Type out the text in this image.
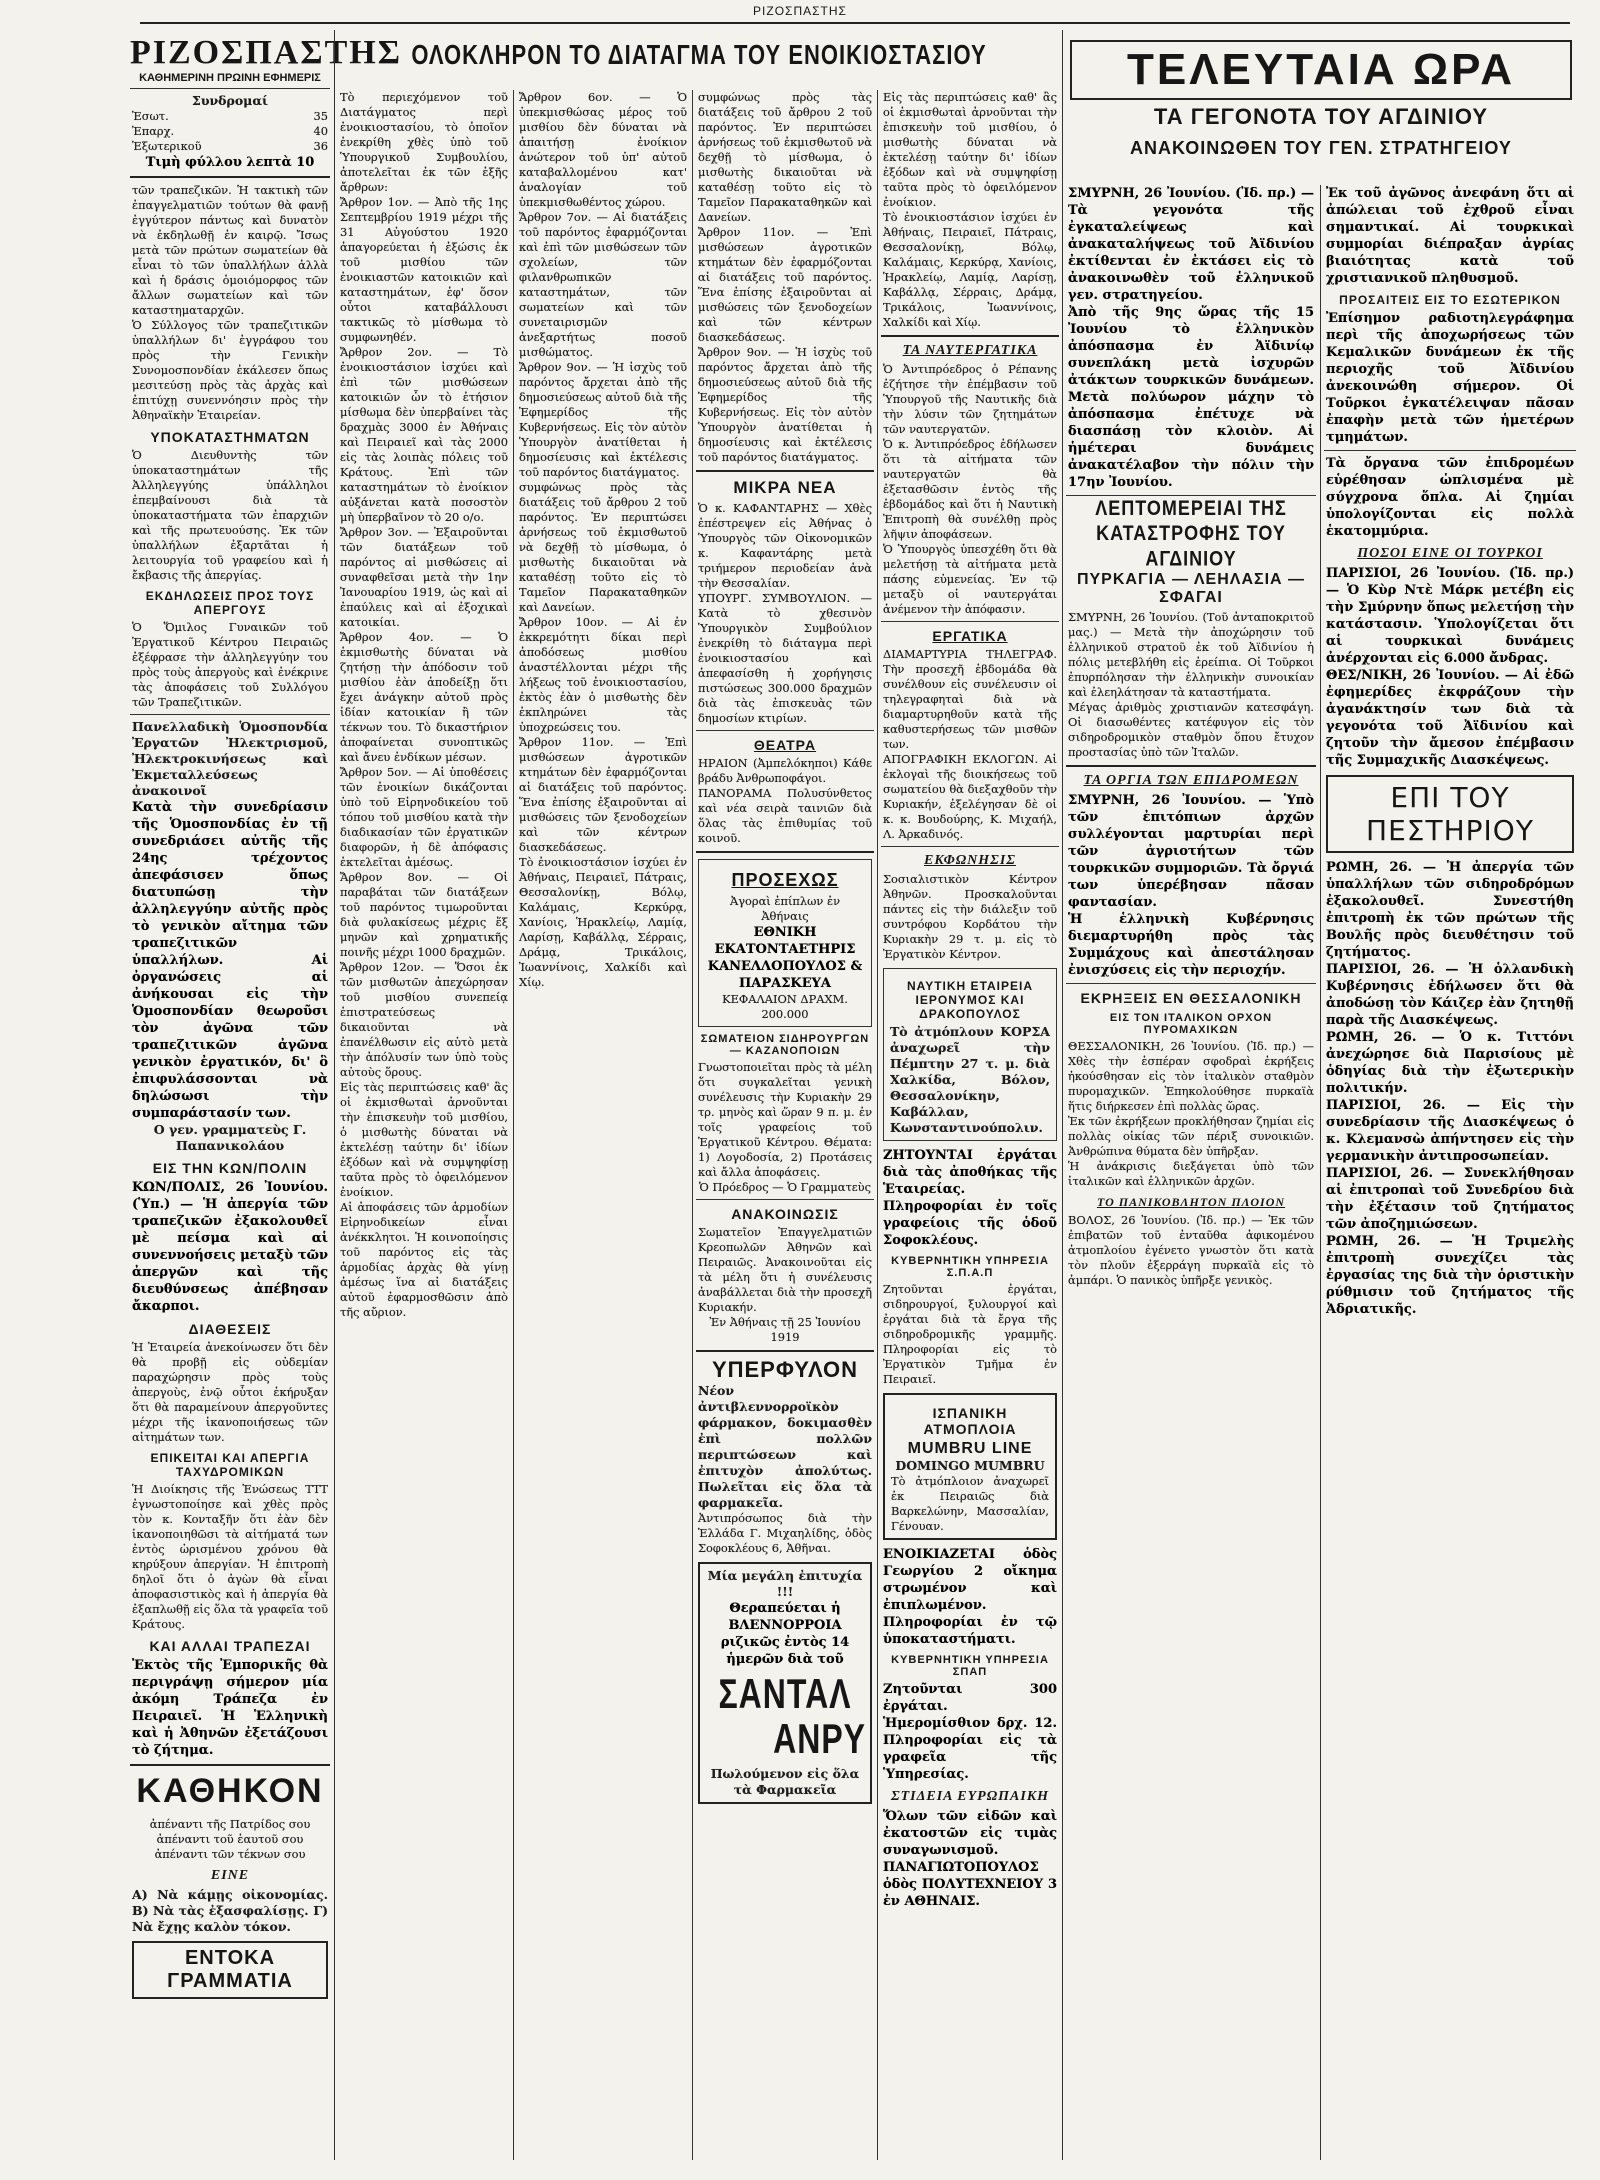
ΡΙΖΟΣΠΑΣΤΗΣ
ΡΙΖΟΣΠΑΣΤΗΣ
ΚΑΘΗΜΕΡΙΝΗ ΠΡΩΙΝΗ ΕΦΗΜΕΡΙΣ
Συνδρομαί
Ἐσωτ.	35
Ἐπαρχ.	40
Ἐξωτερικοῦ	36
Τιμὴ φύλλου λεπτὰ 10

τῶν τραπεζικῶν. Ἡ τακτικὴ τῶν ἐπαγγελματιῶν τούτων θὰ φανῇ ἐγγύτερον πάντως καὶ δυνατὸν νὰ ἐκδηλωθῇ ἐν καιρῷ. Ἴσως μετὰ τῶν πρώτων σωματείων θὰ εἶναι τὸ τῶν ὑπαλλήλων ἀλλὰ καὶ ἡ δράσις ὁμοιόμορφος τῶν ἄλλων σωματείων καὶ τῶν καταστηματαρχῶν.

Ὁ Σύλλογος τῶν τραπεζιτικῶν ὑπαλλήλων δι' ἐγγράφου του πρὸς τὴν Γενικὴν Συνομοσπονδίαν ἐκάλεσεν ὅπως μεσιτεύσῃ πρὸς τὰς ἀρχὰς καὶ ἐπιτύχῃ συνεννόησιν πρὸς τὴν Ἀθηναϊκὴν Ἑταιρείαν.

ΥΠΟΚΑΤΑΣΤΗΜΑΤΩΝ

Ὁ Διευθυντὴς τῶν ὑποκαταστημάτων τῆς Ἀλληλεγγύης ὑπάλληλοι ἐπεμβαίνουσι διὰ τὰ ὑποκαταστήματα τῶν ἐπαρχιῶν καὶ τῆς πρωτευούσης. Ἐκ τῶν ὑπαλλήλων ἐξαρτᾶται ἡ λειτουργία τοῦ γραφείου καὶ ἡ ἔκβασις τῆς ἀπεργίας.

ΕΚΔΗΛΩΣΕΙΣ ΠΡΟΣ ΤΟΥΣ ΑΠΕΡΓΟΥΣ

Ὁ Ὅμιλος Γυναικῶν τοῦ Ἐργατικοῦ Κέντρου Πειραιῶς ἐξέφρασε τὴν ἀλληλεγγύην του πρὸς τοὺς ἀπεργοὺς καὶ ἐνέκρινε τὰς ἀποφάσεις τοῦ Συλλόγου τῶν Τραπεζιτικῶν.

Πανελλαδικὴ Ὁμοσπονδία Ἐργατῶν Ἠλεκτρισμοῦ, Ἠλεκτροκινήσεως καὶ Ἐκμεταλλεύσεως ἀνακοινοῖ

Κατὰ τὴν συνεδρίασιν τῆς Ὁμοσπονδίας ἐν τῇ συνεδριάσει αὐτῆς τῆς 24ης τρέχοντος ἀπεφάσισεν ὅπως διατυπώσῃ τὴν ἀλληλεγγύην αὐτῆς πρὸς τὸ γενικὸν αἴτημα τῶν τραπεζιτικῶν ὑπαλλήλων. Αἱ ὀργανώσεις αἱ ἀνήκουσαι εἰς τὴν Ὁμοσπονδίαν θεωροῦσι τὸν ἀγῶνα τῶν τραπεζιτικῶν ἀγῶνα γενικὸν ἐργατικόν, δι' ὃ ἐπιφυλάσσονται νὰ δηλώσωσι τὴν συμπαράστασίν των.

Ο γεν. γραμματεὺς Γ. Παπανικολάου

ΕΙΣ ΤΗΝ ΚΩΝ/ΠΟΛΙΝ

ΚΩΝ/ΠΟΛΙΣ, 26 Ἰουνίου. (Ὑπ.) — Ἡ ἀπεργία τῶν τραπεζικῶν ἐξακολουθεῖ μὲ πείσμα καὶ αἱ συνεννοήσεις μεταξὺ τῶν ἀπεργῶν καὶ τῆς διευθύνσεως ἀπέβησαν ἄκαρποι.

ΔΙΑΘΕΣΕΙΣ

Ἡ Ἑταιρεία ἀνεκοίνωσεν ὅτι δὲν θὰ προβῇ εἰς οὐδεμίαν παραχώρησιν πρὸς τοὺς ἀπεργοὺς, ἐνῷ οὗτοι ἐκήρυξαν ὅτι θὰ παραμείνουν ἀπεργοῦντες μέχρι τῆς ἱκανοποιήσεως τῶν αἰτημάτων των.

ΕΠΙΚΕΙΤΑΙ ΚΑΙ ΑΠΕΡΓΙΑ ΤΑΧΥΔΡΟΜΙΚΩΝ

Ἡ Διοίκησις τῆς Ἑνώσεως ΤΤΤ ἐγνωστοποίησε καὶ χθὲς πρὸς τὸν κ. Κονταξῆν ὅτι ἐὰν δὲν ἱκανοποιηθῶσι τὰ αἰτήματά των ἐντὸς ὡρισμένου χρόνου θὰ κηρύξουν ἀπεργίαν. Ἡ ἐπιτροπὴ δηλοῖ ὅτι ὁ ἀγὼν θὰ εἶναι ἀποφασιστικὸς καὶ ἡ ἀπεργία θὰ ἐξαπλωθῇ εἰς ὅλα τὰ γραφεῖα τοῦ Κράτους.

ΚΑΙ ΑΛΛΑΙ ΤΡΑΠΕΖΑΙ

Ἐκτὸς τῆς Ἐμπορικῆς θὰ περιγράψῃ σήμερον μία ἀκόμη Τράπεζα ἐν Πειραιεῖ. Ἡ Ἑλληνικὴ καὶ ἡ Ἀθηνῶν ἐξετάζουσι τὸ ζήτημα.

ΚΑΘΗΚΟΝ

ἀπέναντι τῆς Πατρίδος σου ἀπέναντι τοῦ ἑαυτοῦ σου ἀπέναντι τῶν τέκνων σου

ΕΙΝΕ

Α) Νὰ κάμῃς οἰκονομίας. Β) Νὰ τὰς ἐξασφαλίσῃς. Γ) Νὰ ἔχῃς καλὸν τόκον.

ΕΝΤΟΚΑ ΓΡΑΜΜΑΤΙΑ
ΟΛΟΚΛΗΡΟΝ ΤΟ ΔΙΑΤΑΓΜΑ ΤΟΥ ΕΝΟΙΚΙΟΣΤΑΣΙΟΥ

Τὸ περιεχόμενον τοῦ Διατάγματος περὶ ἐνοικιοστασίου, τὸ ὁποῖον ἐνεκρίθη χθὲς ὑπὸ τοῦ Ὑπουργικοῦ Συμβουλίου, ἀποτελεῖται ἐκ τῶν ἑξῆς ἄρθρων:

Ἄρθρον 1ον. — Ἀπὸ τῆς 1ης Σεπτεμβρίου 1919 μέχρι τῆς 31 Αὐγούστου 1920 ἀπαγορεύεται ἡ ἐξώσις ἐκ τοῦ μισθίου τῶν ἐνοικιαστῶν κατοικιῶν καὶ καταστημάτων, ἐφ' ὅσον οὗτοι καταβάλλουσι τακτικῶς τὸ μίσθωμα τὸ συμφωνηθέν.

Ἄρθρον 2ον. — Τὸ ἐνοικιοστάσιον ἰσχύει καὶ ἐπὶ τῶν μισθώσεων κατοικιῶν ὧν τὸ ἐτήσιον μίσθωμα δὲν ὑπερβαίνει τὰς δραχμὰς 3000 ἐν Ἀθήναις καὶ Πειραιεῖ καὶ τὰς 2000 εἰς τὰς λοιπὰς πόλεις τοῦ Κράτους. Ἐπὶ τῶν καταστημάτων τὸ ἐνοίκιον αὐξάνεται κατὰ ποσοστὸν μὴ ὑπερβαῖνον τὸ 20 ο/ο.

Ἄρθρον 3ον. — Ἐξαιροῦνται τῶν διατάξεων τοῦ παρόντος αἱ μισθώσεις αἱ συναφθεῖσαι μετὰ τὴν 1ην Ἰανουαρίου 1919, ὡς καὶ αἱ ἐπαύλεις καὶ αἱ ἐξοχικαὶ κατοικίαι.

Ἄρθρον 4ον. — Ὁ ἐκμισθωτὴς δύναται νὰ ζητήσῃ τὴν ἀπόδοσιν τοῦ μισθίου ἐὰν ἀποδείξῃ ὅτι ἔχει ἀνάγκην αὐτοῦ πρὸς ἰδίαν κατοικίαν ἢ τῶν τέκνων του. Τὸ δικαστήριον ἀποφαίνεται συνοπτικῶς καὶ ἄνευ ἐνδίκων μέσων.

Ἄρθρον 5ον. — Αἱ ὑποθέσεις τῶν ἐνοικίων δικάζονται ὑπὸ τοῦ Εἰρηνοδικείου τοῦ τόπου τοῦ μισθίου κατὰ τὴν διαδικασίαν τῶν ἐργατικῶν διαφορῶν, ἡ δὲ ἀπόφασις ἐκτελεῖται ἀμέσως.

Ἄρθρον 8ον. — Οἱ παραβάται τῶν διατάξεων τοῦ παρόντος τιμωροῦνται διὰ φυλακίσεως μέχρις ἕξ μηνῶν καὶ χρηματικῆς ποινῆς μέχρι 1000 δραχμῶν.

Ἄρθρον 12ον. — Ὅσοι ἐκ τῶν μισθωτῶν ἀπεχώρησαν τοῦ μισθίου συνεπείᾳ ἐπιστρατεύσεως δικαιοῦνται νὰ ἐπανέλθωσιν εἰς αὐτὸ μετὰ τὴν ἀπόλυσίν των ὑπὸ τοὺς αὐτοὺς ὅρους.

Εἰς τὰς περιπτώσεις καθ' ἃς οἱ ἐκμισθωταὶ ἀρνοῦνται τὴν ἐπισκευὴν τοῦ μισθίου, ὁ μισθωτὴς δύναται νὰ ἐκτελέσῃ ταύτην δι' ἰδίων ἐξόδων καὶ νὰ συμψηφίσῃ ταῦτα πρὸς τὸ ὀφειλόμενον ἐνοίκιον.

Αἱ ἀποφάσεις τῶν ἁρμοδίων Εἰρηνοδικείων εἶναι ἀνέκκλητοι. Ἡ κοινοποίησις τοῦ παρόντος εἰς τὰς ἁρμοδίας ἀρχὰς θὰ γίνῃ ἀμέσως ἵνα αἱ διατάξεις αὐτοῦ ἐφαρμοσθῶσιν ἀπὸ τῆς αὔριον.

Ἄρθρον 6ον. — Ὁ ὑπεκμισθώσας μέρος τοῦ μισθίου δὲν δύναται νὰ ἀπαιτήσῃ ἐνοίκιον ἀνώτερον τοῦ ὑπ' αὐτοῦ καταβαλλομένου κατ' ἀναλογίαν τοῦ ὑπεκμισθωθέντος χώρου.

Ἄρθρον 7ον. — Αἱ διατάξεις τοῦ παρόντος ἐφαρμόζονται καὶ ἐπὶ τῶν μισθώσεων τῶν σχολείων, τῶν φιλανθρωπικῶν καταστημάτων, τῶν σωματείων καὶ τῶν συνεταιρισμῶν ἀνεξαρτήτως ποσοῦ μισθώματος.

Ἄρθρον 9ον. — Ἡ ἰσχὺς τοῦ παρόντος ἄρχεται ἀπὸ τῆς δημοσιεύσεως αὐτοῦ διὰ τῆς Ἐφημερίδος τῆς Κυβερνήσεως. Εἰς τὸν αὐτὸν Ὑπουργὸν ἀνατίθεται ἡ δημοσίευσις καὶ ἐκτέλεσις τοῦ παρόντος διατάγματος.

συμφώνως πρὸς τὰς διατάξεις τοῦ ἄρθρου 2 τοῦ παρόντος. Ἐν περιπτώσει ἀρνήσεως τοῦ ἐκμισθωτοῦ νὰ δεχθῇ τὸ μίσθωμα, ὁ μισθωτὴς δικαιοῦται νὰ καταθέσῃ τοῦτο εἰς τὸ Ταμεῖον Παρακαταθηκῶν καὶ Δανείων.

Ἄρθρον 10ον. — Αἱ ἐν ἐκκρεμότητι δίκαι περὶ ἀποδόσεως μισθίου ἀναστέλλονται μέχρι τῆς λήξεως τοῦ ἐνοικιοστασίου, ἐκτὸς ἐὰν ὁ μισθωτὴς δὲν ἐκπληρώνει τὰς ὑποχρεώσεις του.

Ἄρθρον 11ον. — Ἐπὶ μισθώσεων ἀγροτικῶν κτημάτων δὲν ἐφαρμόζονται αἱ διατάξεις τοῦ παρόντος. Ἕνα ἐπίσης ἐξαιροῦνται αἱ μισθώσεις τῶν ξενοδοχείων καὶ τῶν κέντρων διασκεδάσεως.

Τὸ ἐνοικιοστάσιον ἰσχύει ἐν Ἀθήναις, Πειραιεῖ, Πάτραις, Θεσσαλονίκῃ, Βόλῳ, Καλάμαις, Κερκύρᾳ, Χανίοις, Ἡρακλείῳ, Λαμίᾳ, Λαρίσῃ, Καβάλλᾳ, Σέρραις, Δράμᾳ, Τρικάλοις, Ἰωαννίνοις, Χαλκίδι καὶ Χίῳ.

συμφώνως πρὸς τὰς διατάξεις τοῦ ἄρθρου 2 τοῦ παρόντος. Ἐν περιπτώσει ἀρνήσεως τοῦ ἐκμισθωτοῦ νὰ δεχθῇ τὸ μίσθωμα, ὁ μισθωτὴς δικαιοῦται νὰ καταθέσῃ τοῦτο εἰς τὸ Ταμεῖον Παρακαταθηκῶν καὶ Δανείων.

Ἄρθρον 11ον. — Ἐπὶ μισθώσεων ἀγροτικῶν κτημάτων δὲν ἐφαρμόζονται αἱ διατάξεις τοῦ παρόντος. Ἕνα ἐπίσης ἐξαιροῦνται αἱ μισθώσεις τῶν ξενοδοχείων καὶ τῶν κέντρων διασκεδάσεως.

Ἄρθρον 9ον. — Ἡ ἰσχὺς τοῦ παρόντος ἄρχεται ἀπὸ τῆς δημοσιεύσεως αὐτοῦ διὰ τῆς Ἐφημερίδος τῆς Κυβερνήσεως. Εἰς τὸν αὐτὸν Ὑπουργὸν ἀνατίθεται ἡ δημοσίευσις καὶ ἐκτέλεσις τοῦ παρόντος διατάγματος.

ΜΙΚΡΑ ΝΕΑ

Ὁ κ. ΚΑΦΑΝΤΑΡΗΣ — Χθὲς ἐπέστρεψεν εἰς Ἀθήνας ὁ Ὑπουργὸς τῶν Οἰκονομικῶν κ. Καφαντάρης μετὰ τριήμερον περιοδείαν ἀνὰ τὴν Θεσσαλίαν.

ΥΠΟΥΡΓ. ΣΥΜΒΟΥΛΙΟΝ. — Κατὰ τὸ χθεσινὸν Ὑπουργικὸν Συμβούλιον ἐνεκρίθη τὸ διάταγμα περὶ ἐνοικιοστασίου καὶ ἀπεφασίσθη ἡ χορήγησις πιστώσεως 300.000 δραχμῶν διὰ τὰς ἐπισκευὰς τῶν δημοσίων κτιρίων.

ΘΕΑΤΡΑ

ΗΡΑΙΟΝ (Ἀμπελόκηποι) Κάθε βράδυ Ἀνθρωποφάγοι.

ΠΑΝΟΡΑΜΑ Πολυσύνθετος καὶ νέα σειρὰ ταινιῶν διὰ ὅλας τὰς ἐπιθυμίας τοῦ κοινοῦ.

ΠΡΟΣΕΧΩΣ

Ἀγοραὶ ἐπίπλων ἐν Ἀθήναις

ΕΘΝΙΚΗ ΕΚΑΤΟΝΤΑΕΤΗΡΙΣ

ΚΑΝΕΛΛΟΠΟΥΛΟΣ & ΠΑΡΑΣΚΕΥΑ

ΚΕΦΑΛΑΙΟΝ ΔΡΑΧΜ. 200.000

ΣΩΜΑΤΕΙΟΝ ΣΙΔΗΡΟΥΡΓΩΝ — ΚΑΖΑΝΟΠΟΙΩΝ

Γνωστοποιεῖται πρὸς τὰ μέλη ὅτι συγκαλεῖται γενικὴ συνέλευσις τὴν Κυριακὴν 29 τρ. μηνὸς καὶ ὥραν 9 π. μ. ἐν τοῖς γραφείοις τοῦ Ἐργατικοῦ Κέντρου. Θέματα: 1) Λογοδοσία, 2) Προτάσεις καὶ ἄλλα ἀποφάσεις.

Ὁ Πρόεδρος — Ὁ Γραμματεὺς

ΑΝΑΚΟΙΝΩΣΙΣ

Σωματεῖον Ἐπαγγελματιῶν Κρεοπωλῶν Ἀθηνῶν καὶ Πειραιῶς. Ἀνακοινοῦται εἰς τὰ μέλη ὅτι ἡ συνέλευσις ἀναβάλλεται διὰ τὴν προσεχῆ Κυριακήν.

Ἐν Ἀθήναις τῇ 25 Ἰουνίου 1919

ΥΠΕΡΦΥΛΟΝ

Νέον ἀντιβλεννορροϊκὸν φάρμακον, δοκιμασθὲν ἐπὶ πολλῶν περιπτώσεων καὶ ἐπιτυχὸν ἀπολύτως. Πωλεῖται εἰς ὅλα τὰ φαρμακεῖα.

Ἀντιπρόσωπος διὰ τὴν Ἑλλάδα Γ. Μιχαηλίδης, ὁδὸς Σοφοκλέους 6, Ἀθῆναι.

Μία μεγάλη ἐπιτυχία !!!

Θεραπεύεται ἡ ΒΛΕΝΝΟΡΡΟΙΑ ριζικῶς ἐντὸς 14 ἡμερῶν διὰ τοῦ

ΣΑΝΤΑΛ
ΑΝΡΥ

Πωλούμενον εἰς ὅλα τὰ Φαρμακεῖα

Εἰς τὰς περιπτώσεις καθ' ἃς οἱ ἐκμισθωταὶ ἀρνοῦνται τὴν ἐπισκευὴν τοῦ μισθίου, ὁ μισθωτὴς δύναται νὰ ἐκτελέσῃ ταύτην δι' ἰδίων ἐξόδων καὶ νὰ συμψηφίσῃ ταῦτα πρὸς τὸ ὀφειλόμενον ἐνοίκιον.

Τὸ ἐνοικιοστάσιον ἰσχύει ἐν Ἀθήναις, Πειραιεῖ, Πάτραις, Θεσσαλονίκῃ, Βόλῳ, Καλάμαις, Κερκύρᾳ, Χανίοις, Ἡρακλείῳ, Λαμίᾳ, Λαρίσῃ, Καβάλλᾳ, Σέρραις, Δράμᾳ, Τρικάλοις, Ἰωαννίνοις, Χαλκίδι καὶ Χίῳ.

ΤΑ ΝΑΥΤΕΡΓΑΤΙΚΑ

Ὁ Ἀντιπρόεδρος ὁ Ρέπανης ἐζήτησε τὴν ἐπέμβασιν τοῦ Ὑπουργοῦ τῆς Ναυτικῆς διὰ τὴν λύσιν τῶν ζητημάτων τῶν ναυτεργατῶν.

Ὁ κ. Ἀντιπρόεδρος ἐδήλωσεν ὅτι τὰ αἰτήματα τῶν ναυτεργατῶν θὰ ἐξετασθῶσιν ἐντὸς τῆς ἑβδομάδος καὶ ὅτι ἡ Ναυτικὴ Ἐπιτροπὴ θὰ συνέλθῃ πρὸς λῆψιν ἀποφάσεων.

Ὁ Ὑπουργὸς ὑπεσχέθη ὅτι θὰ μελετήσῃ τὰ αἰτήματα μετὰ πάσης εὐμενείας. Ἐν τῷ μεταξὺ οἱ ναυτεργάται ἀνέμενον τὴν ἀπόφασιν.

ΕΡΓΑΤΙΚΑ

ΔΙΑΜΑΡΤΥΡΙΑ ΤΗΛΕΓΡΑΦ. Τὴν προσεχῆ ἑβδομάδα θὰ συνέλθουν εἰς συνέλευσιν οἱ τηλεγραφηταὶ διὰ νὰ διαμαρτυρηθοῦν κατὰ τῆς καθυστερήσεως τῶν μισθῶν των.

ΑΠΟΓΡΑΦΙΚΗ ΕΚΛΟΓΩΝ. Αἱ ἐκλογαὶ τῆς διοικήσεως τοῦ σωματείου θὰ διεξαχθοῦν τὴν Κυριακήν, ἐξελέγησαν δὲ οἱ κ. κ. Βουδούρης, Κ. Μιχαήλ, Λ. Ἀρκαδινός.

ΕΚΦΩΝΗΣΙΣ

Σοσιαλιστικὸν Κέντρον Ἀθηνῶν. Προσκαλοῦνται πάντες εἰς τὴν διάλεξιν τοῦ συντρόφου Κορδάτου τὴν Κυριακὴν 29 τ. μ. εἰς τὸ Ἐργατικὸν Κέντρον.

ΝΑΥΤΙΚΗ ΕΤΑΙΡΕΙΑ ΙΕΡΟΝΥΜΟΣ ΚΑΙ ΔΡΑΚΟΠΟΥΛΟΣ

Τὸ ἀτμόπλουν ΚΟΡΣΑ ἀναχωρεῖ τὴν Πέμπτην 27 τ. μ. διὰ Χαλκίδα, Βόλον, Θεσσαλονίκην, Καβάλλαν, Κωνσταντινούπολιν.

ΖΗΤΟΥΝΤΑΙ ἐργάται διὰ τὰς ἀποθήκας τῆς Ἑταιρείας. Πληροφορίαι ἐν τοῖς γραφείοις τῆς ὁδοῦ Σοφοκλέους.

ΚΥΒΕΡΝΗΤΙΚΗ ΥΠΗΡΕΣΙΑ Σ.Π.Α.Π

Ζητοῦνται ἐργάται, σιδηρουργοί, ξυλουργοί καὶ ἐργάται διὰ τὰ ἔργα τῆς σιδηροδρομικῆς γραμμῆς. Πληροφορίαι εἰς τὸ Ἐργατικὸν Τμῆμα ἐν Πειραιεῖ.

ΙΣΠΑΝΙΚΗ ΑΤΜΟΠΛΟΙΑ
MUMBRU LINE

DOMINGO MUMBRU

Τὸ ἀτμόπλοιον ἀναχωρεῖ ἐκ Πειραιῶς διὰ Βαρκελώνην, Μασσαλίαν, Γένουαν.

ΕΝΟΙΚΙΑΖΕΤΑΙ ὁδὸς Γεωργίου 2 οἴκημα στρωμένον καὶ ἐπιπλωμένον. Πληροφορίαι ἐν τῷ ὑποκαταστήματι.

ΚΥΒΕΡΝΗΤΙΚΗ ΥΠΗΡΕΣΙΑ ΣΠΑΠ

Ζητοῦνται 300 ἐργάται. Ἡμερομίσθιον δρχ. 12. Πληροφορίαι εἰς τὰ γραφεῖα τῆς Ὑπηρεσίας.

ΣΤΙΔΕΙΑ ΕΥΡΩΠΑΙΚΗ

Ὅλων τῶν εἰδῶν καὶ ἐκατοστῶν εἰς τιμὰς συναγωνισμοῦ. ΠΑΝΑΓΙΩΤΟΠΟΥΛΟΣ ὁδὸς ΠΟΛΥΤΕΧΝΕΙΟΥ 3 ἐν ΑΘΗΝΑΙΣ.

ΤΕΛΕΥΤΑΙΑ ΩΡΑ
ΤΑ ΓΕΓΟΝΟΤΑ ΤΟΥ ΑΓΔΙΝΙΟΥ
ΑΝΑΚΟΙΝΩΘΕΝ ΤΟΥ ΓΕΝ. ΣΤΡΑΤΗΓΕΙΟΥ

ΣΜΥΡΝΗ, 26 Ἰουνίου. (Ἰδ. πρ.) — Τὰ γεγονότα τῆς ἐγκαταλείψεως καὶ ἀνακαταλήψεως τοῦ Ἀϊδινίου ἐκτίθενται ἐν ἐκτάσει εἰς τὸ ἀνακοινωθὲν τοῦ ἑλληνικοῦ γεν. στρατηγείου.

Ἀπὸ τῆς 9ης ὥρας τῆς 15 Ἰουνίου τὸ ἑλληνικὸν ἀπόσπασμα ἐν Ἀϊδινίῳ συνεπλάκη μετὰ ἰσχυρῶν ἀτάκτων τουρκικῶν δυνάμεων. Μετὰ πολύωρον μάχην τὸ ἀπόσπασμα ἐπέτυχε νὰ διασπάσῃ τὸν κλοιὸν. Αἱ ἡμέτεραι δυνάμεις ἀνακατέλαβον τὴν πόλιν τὴν 17ην Ἰουνίου.

ΛΕΠΤΟΜΕΡΕΙΑΙ ΤΗΣ ΚΑΤΑΣΤΡΟΦΗΣ ΤΟΥ ΑΓΔΙΝΙΟΥ
ΠΥΡΚΑΓΙΑ — ΛΕΗΛΑΣΙΑ — ΣΦΑΓΑΙ

ΣΜΥΡΝΗ, 26 Ἰουνίου. (Τοῦ ἀνταποκριτοῦ μας.) — Μετὰ τὴν ἀποχώρησιν τοῦ ἑλληνικοῦ στρατοῦ ἐκ τοῦ Ἀϊδινίου ἡ πόλις μετεβλήθη εἰς ἐρείπια. Οἱ Τοῦρκοι ἐπυρπόλησαν τὴν ἑλληνικὴν συνοικίαν καὶ ἐλεηλάτησαν τὰ καταστήματα.

Μέγας ἀριθμὸς χριστιανῶν κατεσφάγη. Οἱ διασωθέντες κατέφυγον εἰς τὸν σιδηροδρομικὸν σταθμὸν ὅπου ἔτυχον προστασίας ὑπὸ τῶν Ἰταλῶν.

ΤΑ ΟΡΓΙΑ ΤΩΝ ΕΠΙΔΡΟΜΕΩΝ

ΣΜΥΡΝΗ, 26 Ἰουνίου. — Ὑπὸ τῶν ἐπιτόπιων ἀρχῶν συλλέγονται μαρτυρίαι περὶ τῶν ἀγριοτήτων τῶν τουρκικῶν συμμοριῶν. Τὰ ὄργιά των ὑπερέβησαν πᾶσαν φαντασίαν.

Ἡ ἑλληνικὴ Κυβέρνησις διεμαρτυρήθη πρὸς τὰς Συμμάχους καὶ ἀπεστάλησαν ἐνισχύσεις εἰς τὴν περιοχήν.

ΕΚΡΗΞΕΙΣ ΕΝ ΘΕΣΣΑΛΟΝΙΚΗ
ΕΙΣ ΤΟΝ ΙΤΑΛΙΚΟΝ ΟΡΧΟΝ ΠΥΡΟΜΑΧΙΚΩΝ

ΘΕΣΣΑΛΟΝΙΚΗ, 26 Ἰουνίου. (Ἰδ. πρ.) — Χθὲς τὴν ἑσπέραν σφοδραὶ ἐκρήξεις ἠκούσθησαν εἰς τὸν ἰταλικὸν σταθμὸν πυρομαχικῶν. Ἐπηκολούθησε πυρκαϊὰ ἥτις διήρκεσεν ἐπὶ πολλὰς ὥρας.

Ἐκ τῶν ἐκρήξεων προκλήθησαν ζημίαι εἰς πολλὰς οἰκίας τῶν πέριξ συνοικιῶν. Ἀνθρώπινα θύματα δὲν ὑπῆρξαν.

Ἡ ἀνάκρισις διεξάγεται ὑπὸ τῶν ἰταλικῶν καὶ ἑλληνικῶν ἀρχῶν.

ΤΟ ΠΑΝΙΚΟΒΛΗΤΟΝ ΠΛΟΙΟΝ

ΒΟΛΟΣ, 26 Ἰουνίου. (Ἰδ. πρ.) — Ἐκ τῶν ἐπιβατῶν τοῦ ἐνταῦθα ἀφικομένου ἀτμοπλοίου ἐγένετο γνωστὸν ὅτι κατὰ τὸν πλοῦν ἐξερράγη πυρκαϊὰ εἰς τὸ ἀμπάρι. Ὁ πανικὸς ὑπῆρξε γενικὸς.

Ἐκ τοῦ ἀγῶνος ἀνεφάνη ὅτι αἱ ἀπώλειαι τοῦ ἐχθροῦ εἶναι σημαντικαί. Αἱ τουρκικαὶ συμμορίαι διέπραξαν ἀγρίας βιαιότητας κατὰ τοῦ χριστιανικοῦ πληθυσμοῦ.

ΠΡΟΣΑΙΤΕΙΣ ΕΙΣ ΤΟ ΕΣΩΤΕΡΙΚΟΝ

Ἐπίσημον ραδιοτηλεγράφημα περὶ τῆς ἀποχωρήσεως τῶν Κεμαλικῶν δυνάμεων ἐκ τῆς περιοχῆς τοῦ Ἀϊδινίου ἀνεκοινώθη σήμερον. Οἱ Τοῦρκοι ἐγκατέλειψαν πᾶσαν ἐπαφὴν μετὰ τῶν ἡμετέρων τμημάτων.

Τὰ ὄργανα τῶν ἐπιδρομέων εὑρέθησαν ὡπλισμένα μὲ σύγχρονα ὅπλα. Αἱ ζημίαι ὑπολογίζονται εἰς πολλὰ ἑκατομμύρια.

ΠΟΣΟΙ ΕΙΝΕ ΟΙ ΤΟΥΡΚΟΙ

ΠΑΡΙΣΙΟΙ, 26 Ἰουνίου. (Ἰδ. πρ.) — Ὁ Κὺρ Ντὲ Μάρκ μετέβη εἰς τὴν Σμύρνην ὅπως μελετήσῃ τὴν κατάστασιν. Ὑπολογίζεται ὅτι αἱ τουρκικαὶ δυνάμεις ἀνέρχονται εἰς 6.000 ἄνδρας.

ΘΕΣ/ΝΙΚΗ, 26 Ἰουνίου. — Αἱ ἐδῶ ἐφημερίδες ἐκφράζουν τὴν ἀγανάκτησίν των διὰ τὰ γεγονότα τοῦ Ἀϊδινίου καὶ ζητοῦν τὴν ἄμεσον ἐπέμβασιν τῆς Συμμαχικῆς Διασκέψεως.

ΕΠΙ ΤΟΥ ΠΕΣΤΗΡΙΟΥ

ΡΩΜΗ, 26. — Ἡ ἀπεργία τῶν ὑπαλλήλων τῶν σιδηροδρόμων ἐξακολουθεῖ. Συνεστήθη ἐπιτροπὴ ἐκ τῶν πρώτων τῆς Βουλῆς πρὸς διευθέτησιν τοῦ ζητήματος.

ΠΑΡΙΣΙΟΙ, 26. — Ἡ ὁλλανδικὴ Κυβέρνησις ἐδήλωσεν ὅτι θὰ ἀποδώσῃ τὸν Κάιζερ ἐὰν ζητηθῇ παρὰ τῆς Διασκέψεως.

ΡΩΜΗ, 26. — Ὁ κ. Τιττόνι ἀνεχώρησε διὰ Παρισίους μὲ ὁδηγίας διὰ τὴν ἐξωτερικὴν πολιτικήν.

ΠΑΡΙΣΙΟΙ, 26. — Εἰς τὴν συνεδρίασιν τῆς Διασκέψεως ὁ κ. Κλεμανσὼ ἀπήντησεν εἰς τὴν γερμανικὴν ἀντιπροσωπείαν.

ΠΑΡΙΣΙΟΙ, 26. — Συνεκλήθησαν αἱ ἐπιτροπαὶ τοῦ Συνεδρίου διὰ τὴν ἐξέτασιν τοῦ ζητήματος τῶν ἀποζημιώσεων.

ΡΩΜΗ, 26. — Ἡ Τριμελὴς ἐπιτροπὴ συνεχίζει τὰς ἐργασίας της διὰ τὴν ὁριστικὴν ρύθμισιν τοῦ ζητήματος τῆς Ἀδριατικῆς.
